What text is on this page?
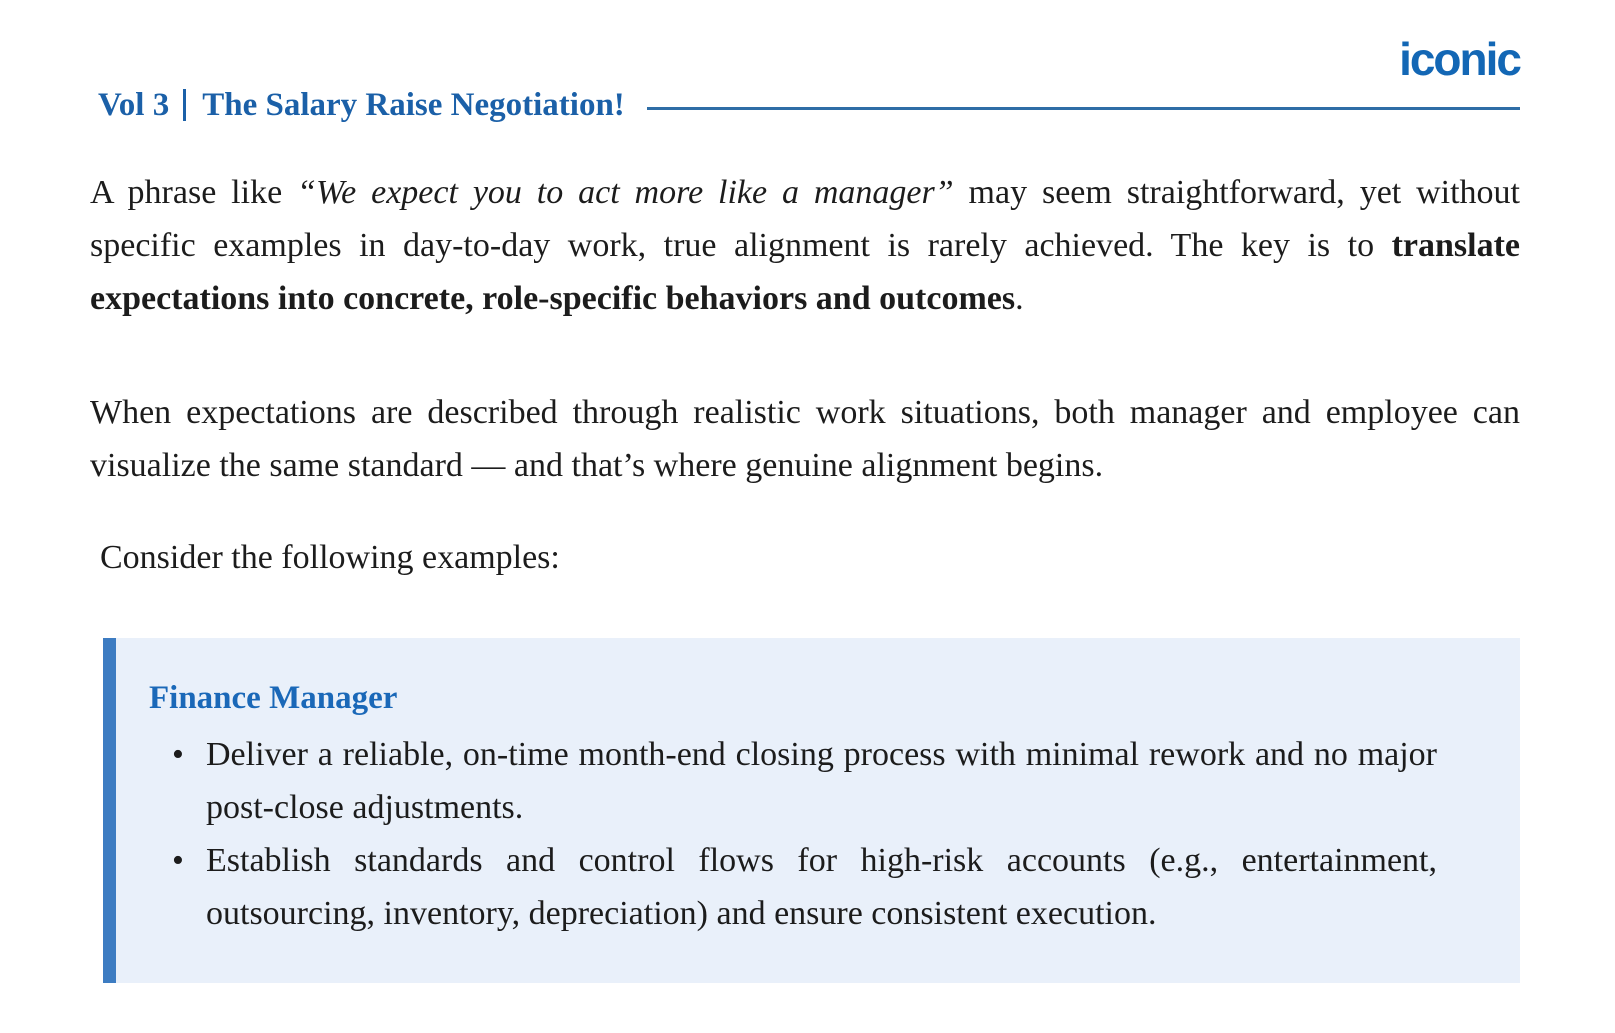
iconic
Vol 3 The Salary Raise Negotiation!

A phrase like “We expect you to act more like a manager” may seem straightforward, yet without specific examples in day-to-day work, true alignment is rarely achieved. The key is to translate expectations into concrete, role-specific behaviors and outcomes.

When expectations are described through realistic work situations, both manager and employee can visualize the same standard — and that’s where genuine alignment begins.

Consider the following examples:

Finance Manager
• Deliver a reliable, on-time month-end closing process with minimal rework and no major post-close adjustments.
• Establish standards and control flows for high-risk accounts (e.g., entertainment, outsourcing, inventory, depreciation) and ensure consistent execution.
